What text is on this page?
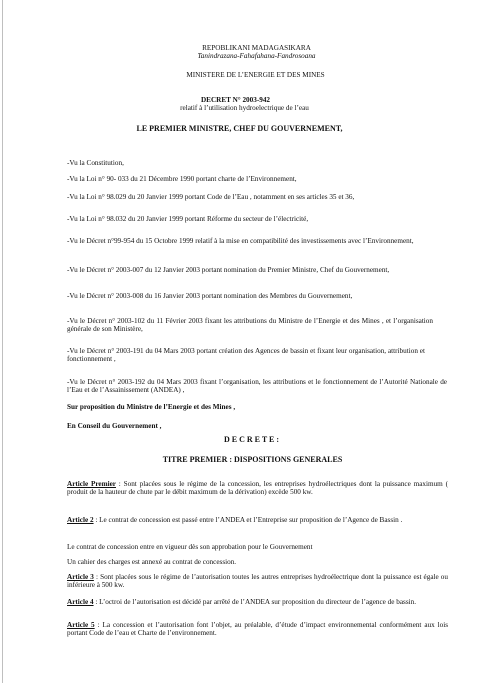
REPOBLIKANI MADAGASIKARA
Tanindrazana-Fahafahana-Fandrosoana
MINISTERE DE L’ENERGIE ET DES MINES
DECRET N° 2003-942
relatif à l’utilisation hydroelectrique de l’eau
LE PREMIER MINISTRE, CHEF DU GOUVERNEMENT,
-Vu la Constitution,
-Vu la Loi n° 90- 033 du 21 Décembre 1990 portant charte de l’Environnement,
-Vu la Loi n° 98.029 du 20 Janvier 1999 portant Code de l’Eau , notamment en ses articles 35 et 36,
-Vu la Loi n° 98.032 du 20 Janvier 1999 portant Réforme du secteur de l’électricité,
-Vu le Décret n°99-954 du 15 Octobre 1999 relatif à la mise en compatibilité des investissements avec l’Environnement,
-Vu le Décret n° 2003-007 du 12 Janvier 2003 portant nomination du Premier Ministre, Chef du Gouvernement,
-Vu le Décret n° 2003-008 du 16 Janvier 2003 portant nomination des Membres du Gouvernement,
-Vu le Décret n° 2003-102 du 11 Février 2003 fixant les attributions du Ministre de l’Energie et des Mines , et l’organisation générale de son Ministère,
-Vu le Décret n° 2003-191 du 04 Mars 2003 portant création des Agences de bassin et fixant leur organisation, attribution et fonctionnement ,
-Vu le Décret n° 2003-192 du 04 Mars 2003 fixant l’organisation, les attributions et le fonctionnement de l’Autorité Nationale de l’Eau et de l’Assainissement (ANDEA) ,
Sur proposition du Ministre de l’Energie et des Mines ,
En Conseil du Gouvernement ,
D E C R E T E :
TITRE PREMIER : DISPOSITIONS GENERALES
Article Premier : Sont placées sous le régime de la concession, les entreprises hydroélectriques dont la puissance maximum ( produit de la hauteur de chute par le débit maximum de la dérivation) excède 500 kw.
Article 2 : Le contrat de concession est passé entre l’ANDEA et l’Entreprise sur proposition de l’Agence de Bassin .
Le contrat de concession entre en vigueur dès son approbation pour le Gouvernement
Un cahier des charges est annexé au contrat de concession.
Article 3 : Sont placées sous le régime de l’autorisation toutes les autres entreprises hydroélectrique dont la puissance est égale ou inférieure à 500 kw.
Article 4 : L’octroi de l’autorisation est décidé par arrêté de l’ANDEA sur proposition du directeur de l’agence de bassin.
Article 5 : La concession et l’autorisation font l’objet, au préalable, d’étude d’impact environnemental conformément aux lois portant Code de l’eau et Charte de l’environnement.
